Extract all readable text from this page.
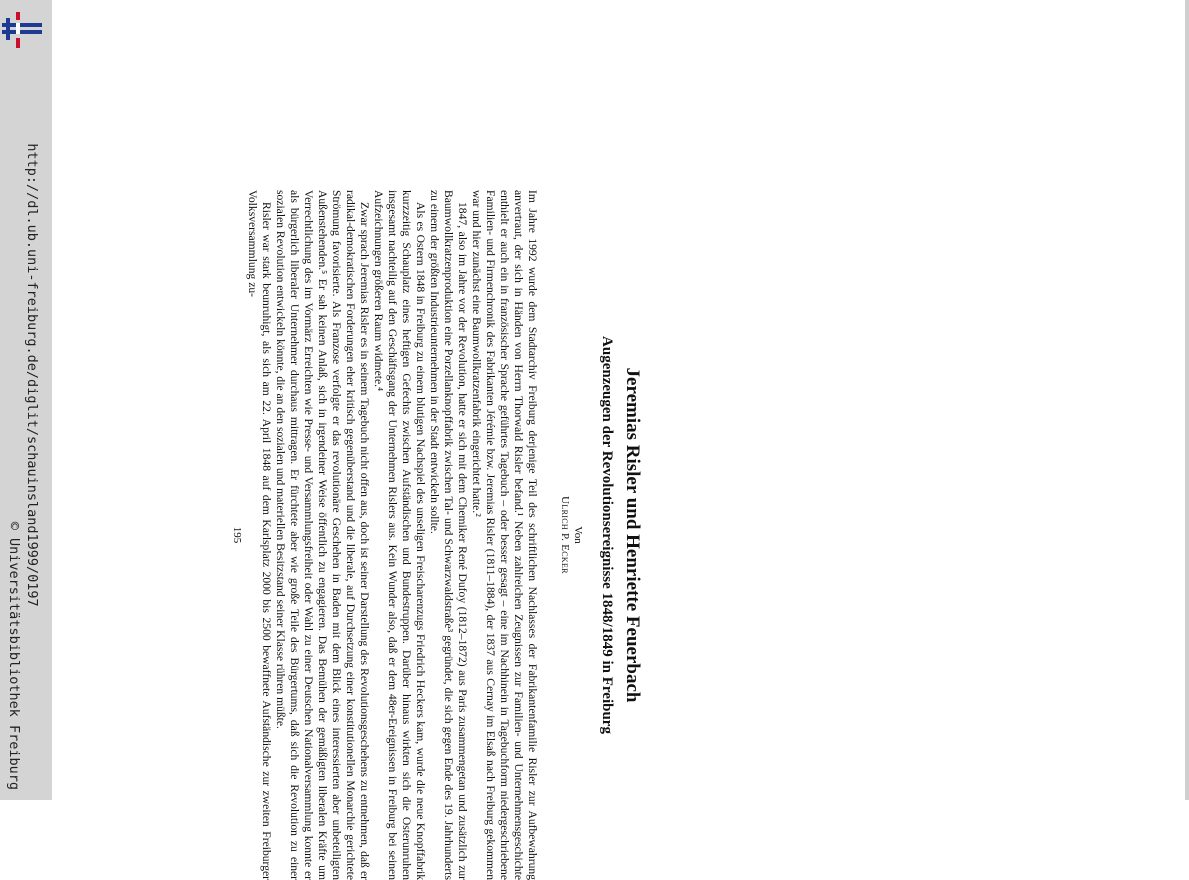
http://dl.ub.uni-freiburg.de/diglit/schauinsland1999/0197
© Universitätsbibliothek Freiburg	Jeremias Risler und Henriette Feuerbach
Augenzeugen der Revolutionsereignisse 1848/1849 in Freiburg
Von
Ulrich P. Ecker

Im Jahre 1992 wurde dem Stadtarchiv Freiburg derjenige Teil des schriftlichen Nachlasses der Fabrikantenfamilie Risler zur Aufbewahrung anvertraut, der sich in Händen von Herrn Thorwald Risler befand.¹ Neben zahlreichen Zeugnissen zur Familien- und Unternehmensgeschichte enthielt er auch ein in französischer Sprache geführtes Tagebuch – oder besser gesagt – eine im Nachhinein in Tagebuchform niedergeschriebene Familien- und Firmenchronik des Fabrikanten Jérémie bzw. Jeremias Risler (1811–1884), der 1837 aus Cernay im Elsaß nach Freiburg gekommen war und hier zunächst eine Baumwollkratzenfabrik eingerichtet hatte.²

1847, also im Jahre vor der Revolution, hatte er sich mit dem Chemiker René Dufoy (1812–1872) aus Paris zusammengetan und zusätzlich zur Baumwollkratzenproduktion eine Porzellanknopffabrik zwischen Tal- und Schwarzwaldstraße³ gegründet, die sich gegen Ende des 19. Jahrhunderts zu einem der größten Industrieunternehmen in der Stadt entwickeln sollte.

Als es Ostern 1848 in Freiburg zu einem blutigen Nachspiel des unseligen Freischarenzugs Friedrich Heckers kam, wurde die neue Knopffabrik kurzzeitig Schauplatz eines heftigen Gefechts zwischen Aufständischen und Bundestruppen. Darüber hinaus wirkten sich die Osterunruhen insgesamt nachteilig auf den Geschäftsgang der Unternehmen Rislers aus. Kein Wunder also, daß er dem 48er-Ereignissen in Freiburg bei seinen Aufzeichnungen größeren Raum widmete.⁴

Zwar sprach Jeremias Risler es in seinem Tagebuch nicht offen aus, doch ist seiner Darstellung des Revolutionsgeschehens zu entnehmen, daß er radikal-demokratischen Forderungen eher kritisch gegenüberstand und die liberale, auf Durchsetzung einer konstitutionellen Monarchie gerichtete Strömung favorisierte. Als Franzose verfolgte er das revolutionäre Geschehen in Baden mit dem Blick eines interessierten aber unbeteiligten Außenstehenden.⁵ Er sah keinen Anlaß, sich in irgendeiner Weise öffentlich zu engagieren. Das Bemühen der gemäßigten liberalen Kräfte um Verrechtlichung des im Vormärz Erreichten wie Presse- und Versammlungsfreiheit oder Wahl zu einer Deutschen Nationalversammlung konnte er als bürgerlich liberaler Unternehmer durchaus mittragen. Er fürchtete aber wie große Teile des Bürgertums, daß sich die Revolution zu einer sozialen Revolution entwickeln könnte, die an den sozialen und materiellen Besitzstand seiner Klasse rühren müßte.

Risler war stark beunruhigt, als sich am 22. April 1848 auf dem Karlsplatz 2000 bis 2500 bewaffnete Aufständische zur zweiten Freiburger Volksversammlung zu-

195
